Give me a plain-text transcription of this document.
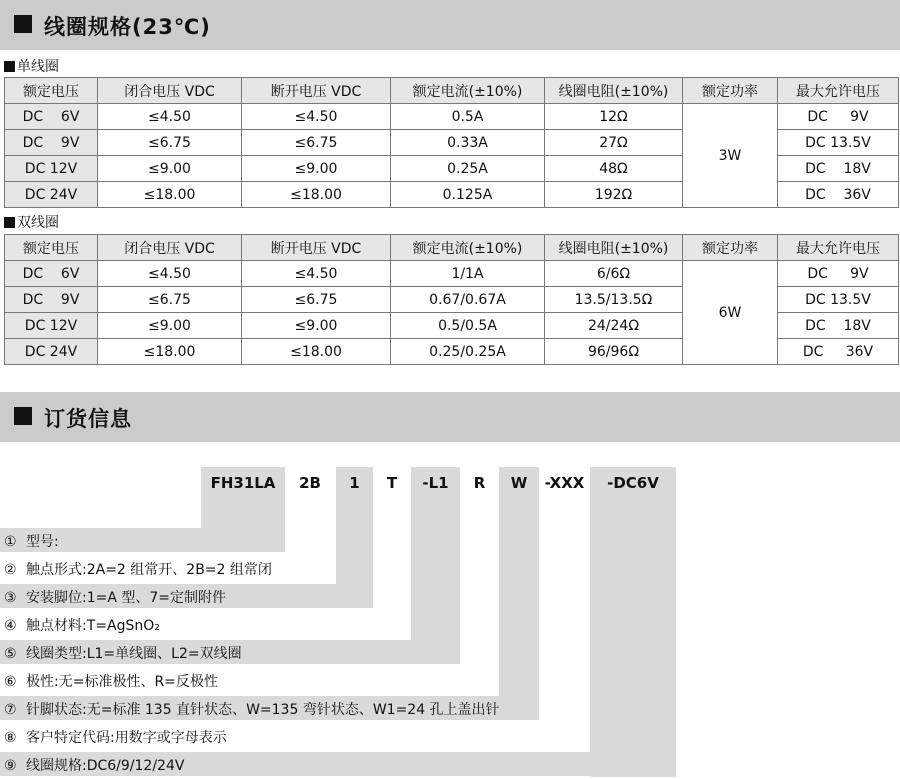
线圈规格(23℃)
单线圈
额定电压	闭合电压 VDC	断开电压 VDC	额定电流(±10%)	线圈电阻(±10%)	额定功率	最大允许电压
DC    6V	≤4.50	≤4.50	0.5A	12Ω	3W	DC     9V
DC    9V	≤6.75	≤6.75	0.33A	27Ω		DC 13.5V
DC 12V	≤9.00	≤9.00	0.25A	48Ω		DC    18V
DC 24V	≤18.00	≤18.00	0.125A	192Ω		DC    36V
双线圈
额定电压	闭合电压 VDC	断开电压 VDC	额定电流(±10%)	线圈电阻(±10%)	额定功率	最大允许电压
DC    6V	≤4.50	≤4.50	1/1A	6/6Ω	6W	DC     9V
DC    9V	≤6.75	≤6.75	0.67/0.67A	13.5/13.5Ω		DC 13.5V
DC 12V	≤9.00	≤9.00	0.5/0.5A	24/24Ω		DC    18V
DC 24V	≤18.00	≤18.00	0.25/0.25A	96/96Ω		DC     36V
订货信息
FH31LA	2B	1	T	-L1	R	W	-XXX	-DC6V
① 型号:
② 触点形式:2A=2 组常开、2B=2 组常闭
③ 安装脚位:1=A 型、7=定制附件
④ 触点材料:T=AgSnO₂
⑤ 线圈类型:L1=单线圈、L2=双线圈
⑥ 极性:无=标准极性、R=反极性
⑦ 针脚状态:无=标准 135 直针状态、W=135 弯针状态、W1=24 孔上盖出针
⑧ 客户特定代码:用数字或字母表示
⑨ 线圈规格:DC6/9/12/24V
